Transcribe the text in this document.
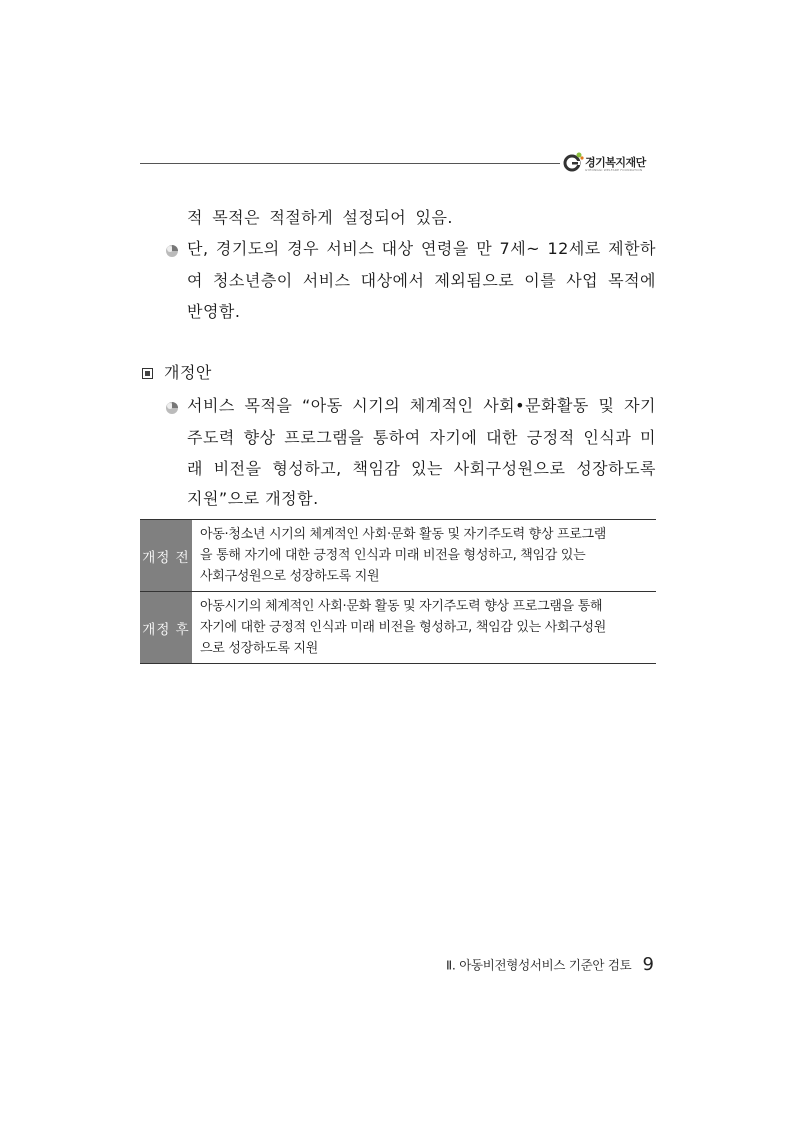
경기복지재단
GYEONGGI WELFARE FOUNDATION
적 목적은 적절하게 설정되어 있음.
단, 경기도의 경우 서비스 대상 연령을 만 7세~ 12세로 제한하
여 청소년층이 서비스 대상에서 제외됨으로 이를 사업 목적에
반영함.
개정안
서비스 목적을 “아동 시기의 체계적인 사회•문화활동 및 자기
주도력 향상 프로그램을 통하여 자기에 대한 긍정적 인식과 미
래 비전을 형성하고, 책임감 있는 사회구성원으로 성장하도록
지원”으로 개정함.
개정 전
아동·청소년 시기의 체계적인 사회·문화 활동 및 자기주도력 향상 프로그램
을 통해 자기에 대한 긍정적 인식과 미래 비전을 형성하고, 책임감 있는
사회구성원으로 성장하도록 지원
개정 후
아동시기의 체계적인 사회·문화 활동 및 자기주도력 향상 프로그램을 통해
자기에 대한 긍정적 인식과 미래 비전을 형성하고, 책임감 있는 사회구성원
으로 성장하도록 지원
Ⅱ. 아동비전형성서비스 기준안 검토 9
